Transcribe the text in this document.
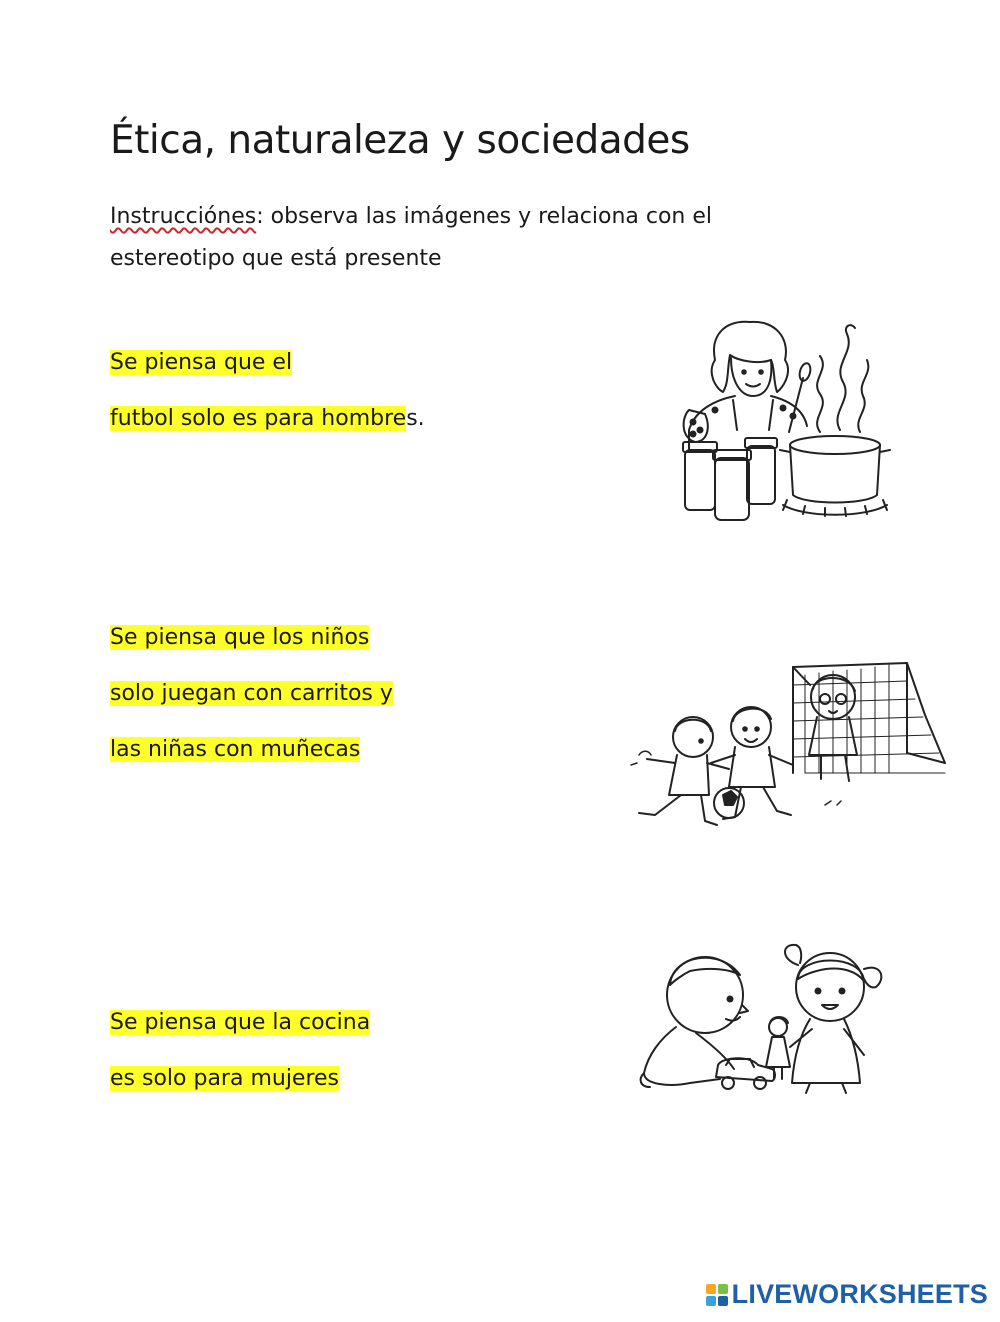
Ética, naturaleza y sociedades

Instrucciónes: observa las imágenes y relaciona con el
estereotipo que está presente

Se piensa que el
futbol solo es para hombres.
Se piensa que los niños
solo juegan con carritos y
las niñas con muñecas
Se piensa que la cocina
es solo para mujeres
LIVEWORKSHEETS
